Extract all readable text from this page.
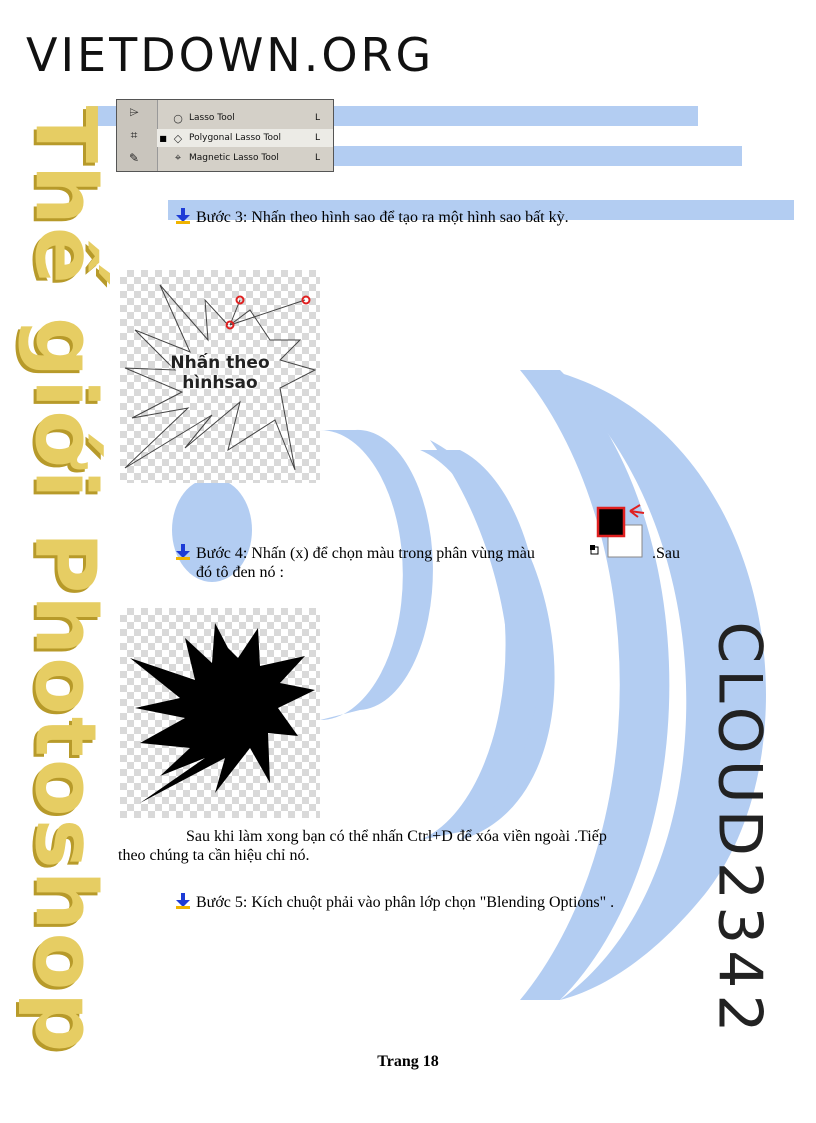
VIETDOWN.ORG
Thế giới Photoshop	CLOUD2342
⌲
⌗
✎
○ Lasso Tool	L
■ ◇ Polygonal Lasso Tool	L
⌖ Magnetic Lasso Tool	L
Bước 3: Nhấn theo hình sao để tạo ra một hình sao bất kỳ.
Nhấn theo
hìnhsao
Bước 4: Nhấn (x) để chọn màu trong phân vùng màu	.Sau
đó tô đen nó :
Sau khi làm xong bạn có thể nhấn Ctrl+D để xóa viền ngoài .Tiếp
theo chúng ta cần hiệu chỉ nó.
Bước 5: Kích chuột phải vào phân lớp chọn "Blending Options" .
Trang 18
